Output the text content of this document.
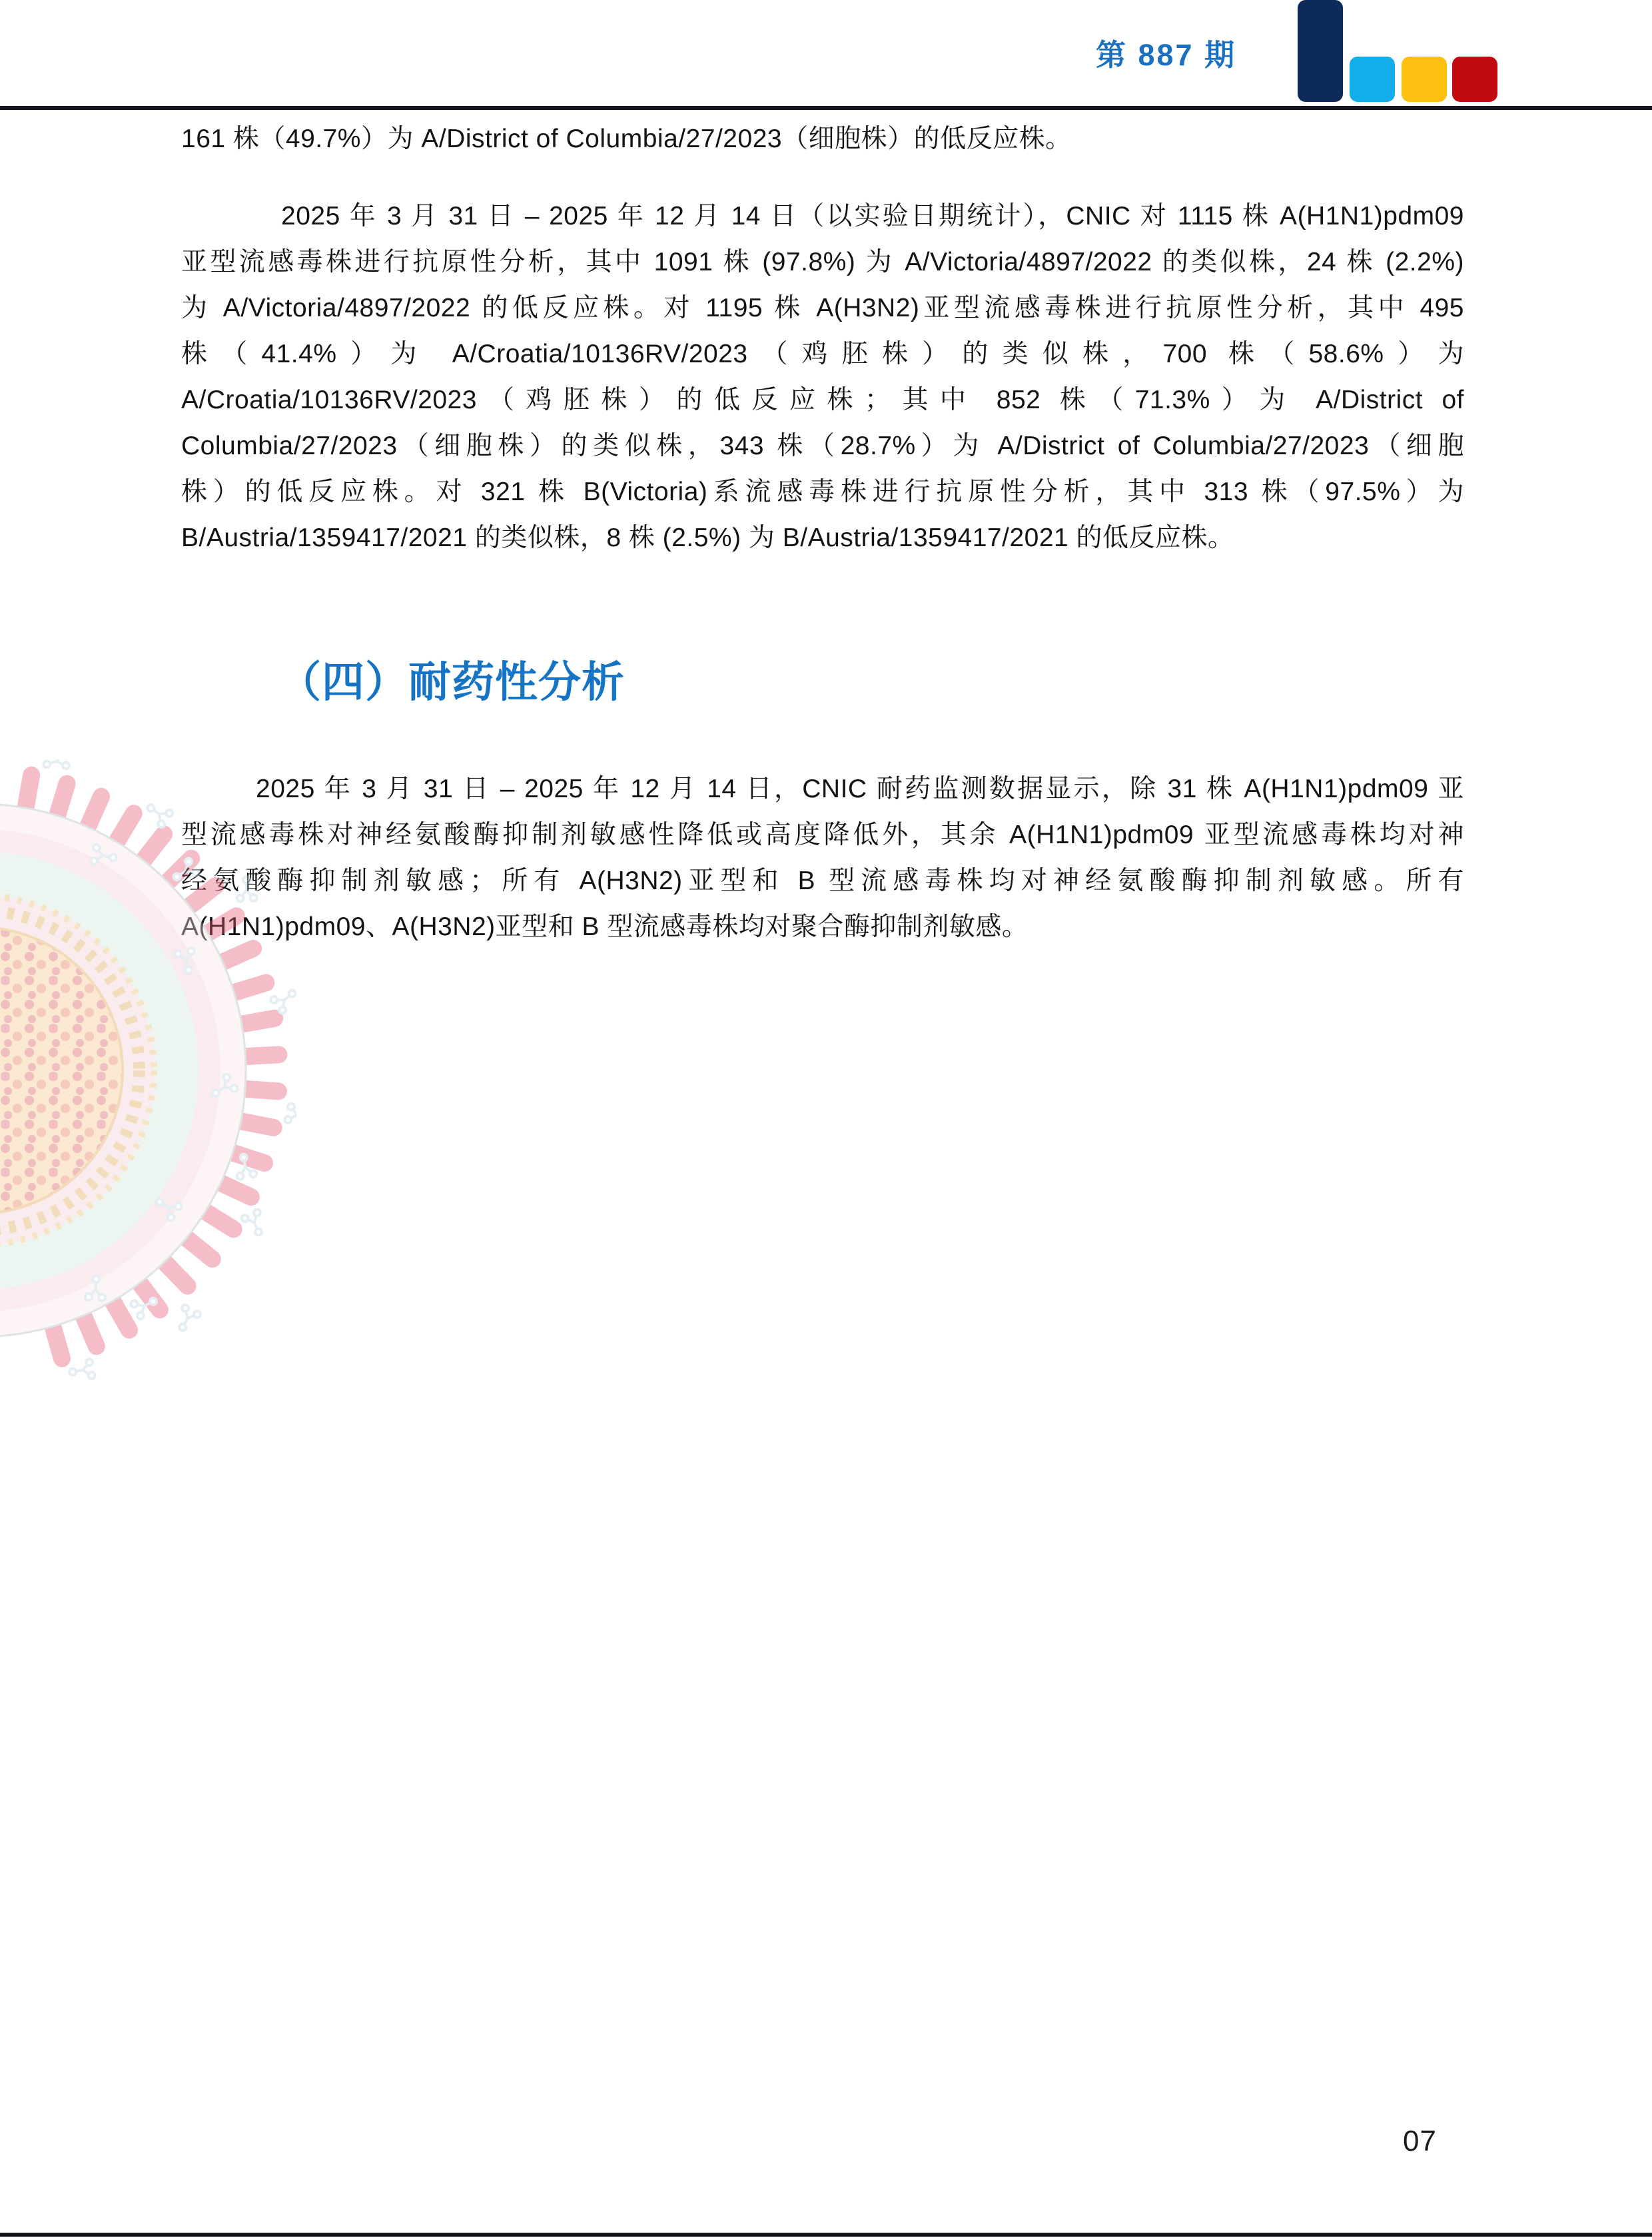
第 887 期
161 株（49.7%）为 A/District of Columbia/27/2023（细胞株）的低反应株。
2025 年 3 月 31 日 – 2025 年 12 月 14 日（以实验日期统计），CNIC 对 1115 株 A(H1N1)pdm09
亚型流感毒株进行抗原性分析，其中 1091 株 (97.8%) 为 A/Victoria/4897/2022 的类似株，24 株 (2.2%)
为 A/Victoria/4897/2022 的低反应株。对 1195 株 A(H3N2)亚型流感毒株进行抗原性分析，其中 495
株（41.4%）为 A/Croatia/10136RV/2023（鸡胚株）的类似株，700 株（58.6%）为
A/Croatia/10136RV/2023（鸡胚株）的低反应株；其中 852 株（71.3%）为 A/District of
Columbia/27/2023（细胞株）的类似株，343 株（28.7%）为 A/District of Columbia/27/2023（细胞
株）的低反应株。对 321 株 B(Victoria)系流感毒株进行抗原性分析，其中 313 株（97.5%）为
B/Austria/1359417/2021 的类似株，8 株 (2.5%) 为 B/Austria/1359417/2021 的低反应株。
（四）耐药性分析
2025 年 3 月 31 日 – 2025 年 12 月 14 日，CNIC 耐药监测数据显示，除 31 株 A(H1N1)pdm09 亚
型流感毒株对神经氨酸酶抑制剂敏感性降低或高度降低外，其余 A(H1N1)pdm09 亚型流感毒株均对神
经氨酸酶抑制剂敏感；所有 A(H3N2)亚型和 B 型流感毒株均对神经氨酸酶抑制剂敏感。所有
A(H1N1)pdm09、A(H3N2)亚型和 B 型流感毒株均对聚合酶抑制剂敏感。
07
